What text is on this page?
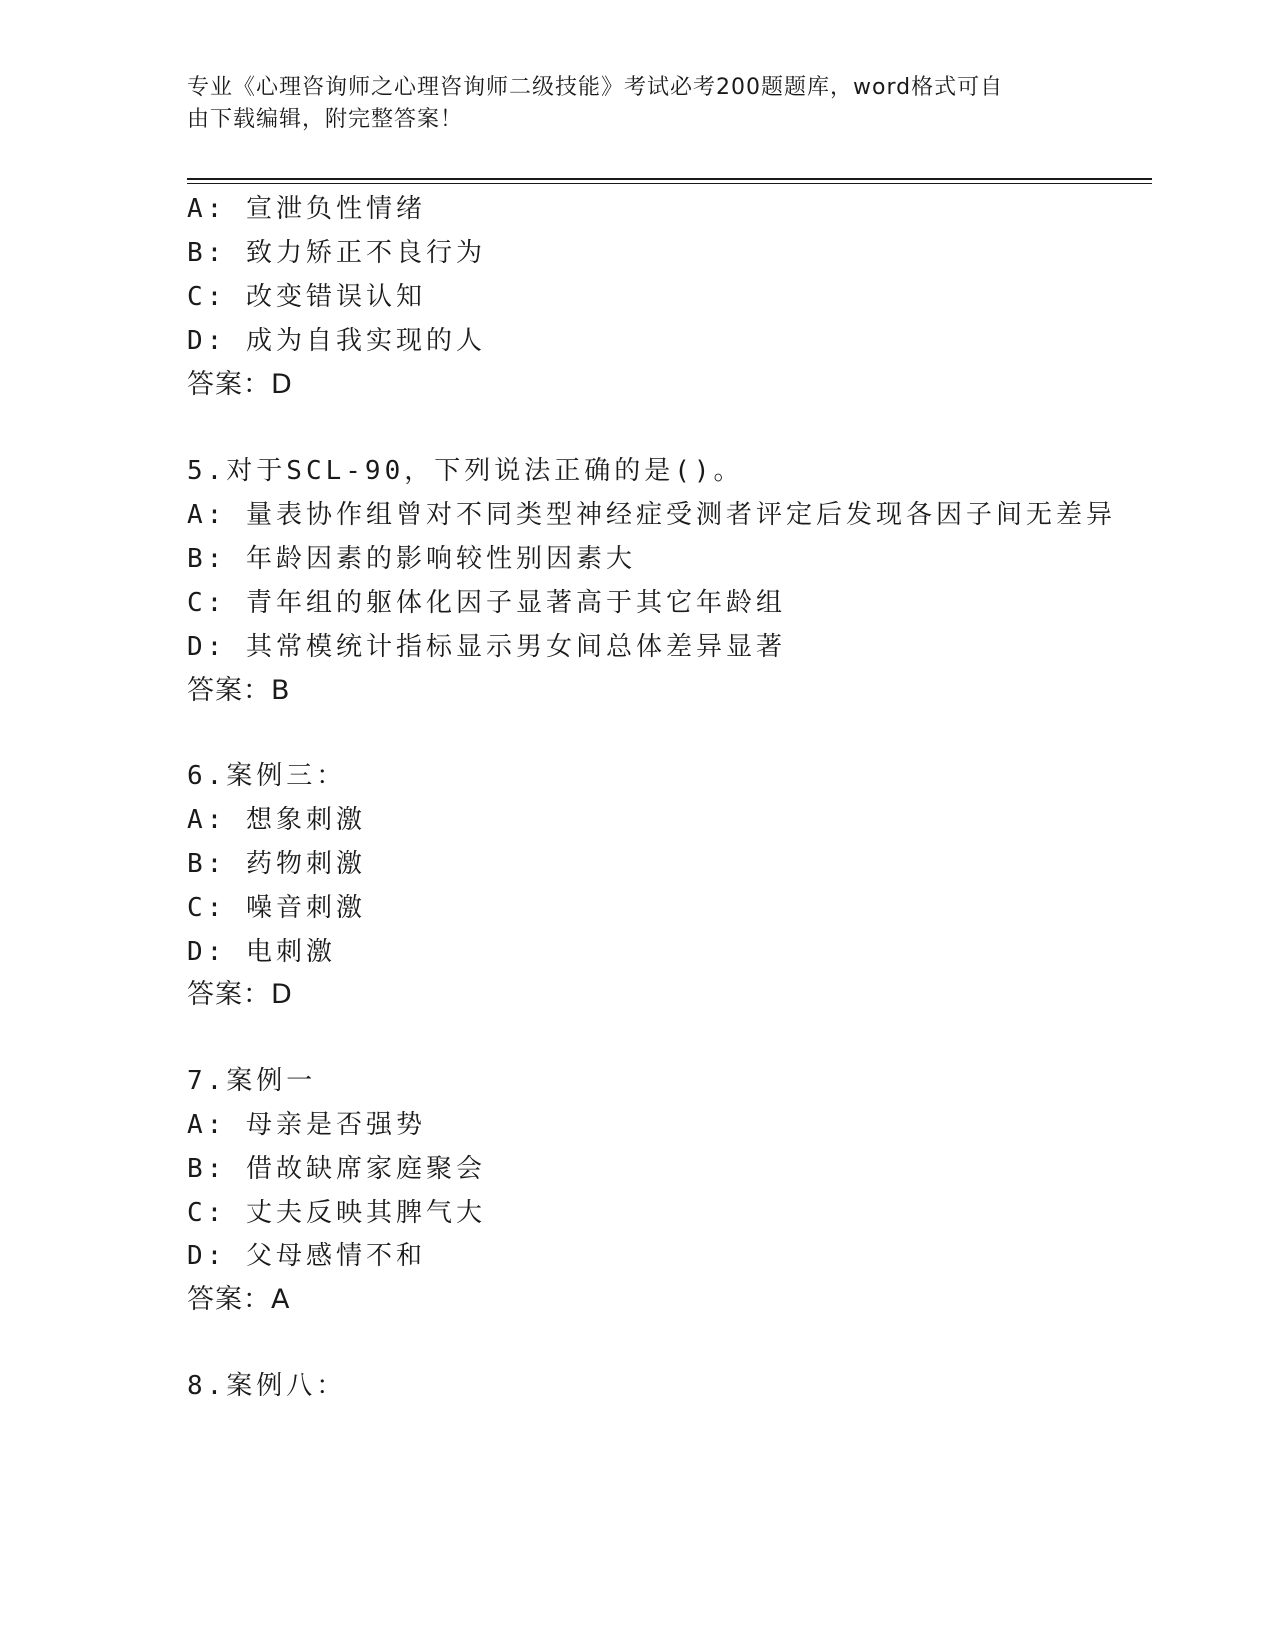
专业《心理咨询师之心理咨询师二级技能》考试必考200题题库，word格式可自
由下载编辑，附完整答案！
A: 宣泄负性情绪
B: 致力矫正不良行为
C: 改变错误认知
D: 成为自我实现的人
答案：D
5.对于SCL-90，下列说法正确的是()。
A: 量表协作组曾对不同类型神经症受测者评定后发现各因子间无差异
B: 年龄因素的影响较性别因素大
C: 青年组的躯体化因子显著高于其它年龄组
D: 其常模统计指标显示男女间总体差异显著
答案：B
6.案例三：
A: 想象刺激
B: 药物刺激
C: 噪音刺激
D: 电刺激
答案：D
7.案例一
A: 母亲是否强势
B: 借故缺席家庭聚会
C: 丈夫反映其脾气大
D: 父母感情不和
答案：A
8.案例八：
